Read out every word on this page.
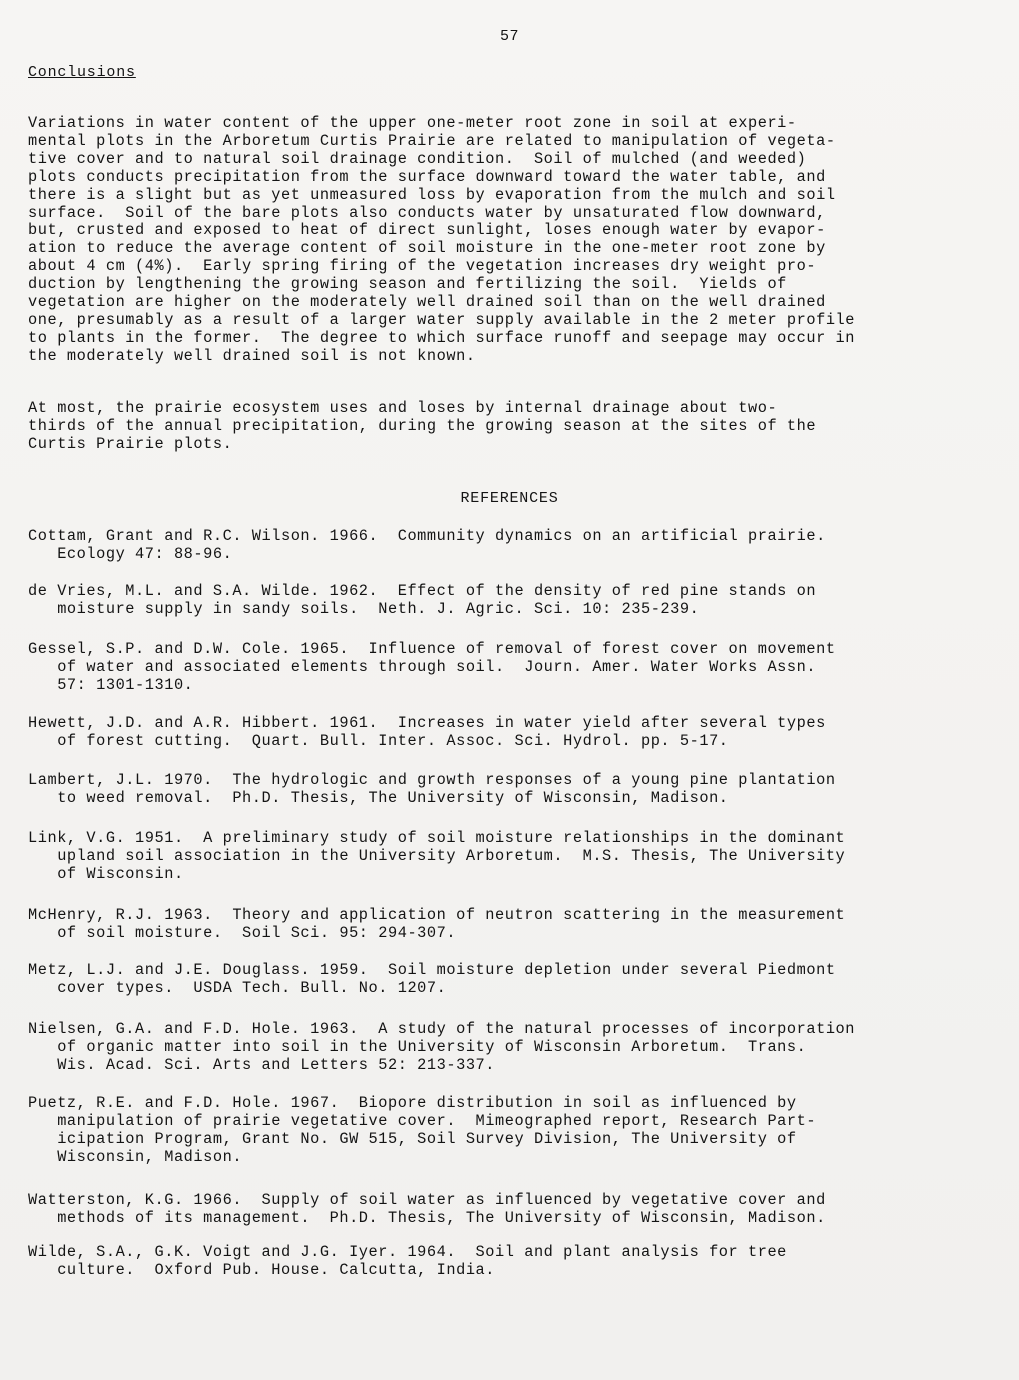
57
Conclusions

Variations in water content of the upper one-meter root zone in soil at experi-
mental plots in the Arboretum Curtis Prairie are related to manipulation of vegeta-
tive cover and to natural soil drainage condition.  Soil of mulched (and weeded)
plots conducts precipitation from the surface downward toward the water table, and
there is a slight but as yet unmeasured loss by evaporation from the mulch and soil
surface.  Soil of the bare plots also conducts water by unsaturated flow downward,
but, crusted and exposed to heat of direct sunlight, loses enough water by evapor-
ation to reduce the average content of soil moisture in the one-meter root zone by
about 4 cm (4%).  Early spring firing of the vegetation increases dry weight pro-
duction by lengthening the growing season and fertilizing the soil.  Yields of
vegetation are higher on the moderately well drained soil than on the well drained
one, presumably as a result of a larger water supply available in the 2 meter profile
to plants in the former.  The degree to which surface runoff and seepage may occur in
the moderately well drained soil is not known.

At most, the prairie ecosystem uses and loses by internal drainage about two-
thirds of the annual precipitation, during the growing season at the sites of the
Curtis Prairie plots.

REFERENCES

Cottam, Grant and R.C. Wilson. 1966.  Community dynamics on an artificial prairie.
Ecology 47: 88-96.

de Vries, M.L. and S.A. Wilde. 1962.  Effect of the density of red pine stands on
moisture supply in sandy soils.  Neth. J. Agric. Sci. 10: 235-239.

Gessel, S.P. and D.W. Cole. 1965.  Influence of removal of forest cover on movement
of water and associated elements through soil.  Journ. Amer. Water Works Assn.
57: 1301-1310.

Hewett, J.D. and A.R. Hibbert. 1961.  Increases in water yield after several types
of forest cutting.  Quart. Bull. Inter. Assoc. Sci. Hydrol. pp. 5-17.

Lambert, J.L. 1970.  The hydrologic and growth responses of a young pine plantation
to weed removal.  Ph.D. Thesis, The University of Wisconsin, Madison.

Link, V.G. 1951.  A preliminary study of soil moisture relationships in the dominant
upland soil association in the University Arboretum.  M.S. Thesis, The University
of Wisconsin.

McHenry, R.J. 1963.  Theory and application of neutron scattering in the measurement
of soil moisture.  Soil Sci. 95: 294-307.

Metz, L.J. and J.E. Douglass. 1959.  Soil moisture depletion under several Piedmont
cover types.  USDA Tech. Bull. No. 1207.

Nielsen, G.A. and F.D. Hole. 1963.  A study of the natural processes of incorporation
of organic matter into soil in the University of Wisconsin Arboretum.  Trans.
Wis. Acad. Sci. Arts and Letters 52: 213-337.

Puetz, R.E. and F.D. Hole. 1967.  Biopore distribution in soil as influenced by
manipulation of prairie vegetative cover.  Mimeographed report, Research Part-
icipation Program, Grant No. GW 515, Soil Survey Division, The University of
Wisconsin, Madison.

Watterston, K.G. 1966.  Supply of soil water as influenced by vegetative cover and
methods of its management.  Ph.D. Thesis, The University of Wisconsin, Madison.

Wilde, S.A., G.K. Voigt and J.G. Iyer. 1964.  Soil and plant analysis for tree
culture.  Oxford Pub. House. Calcutta, India.
